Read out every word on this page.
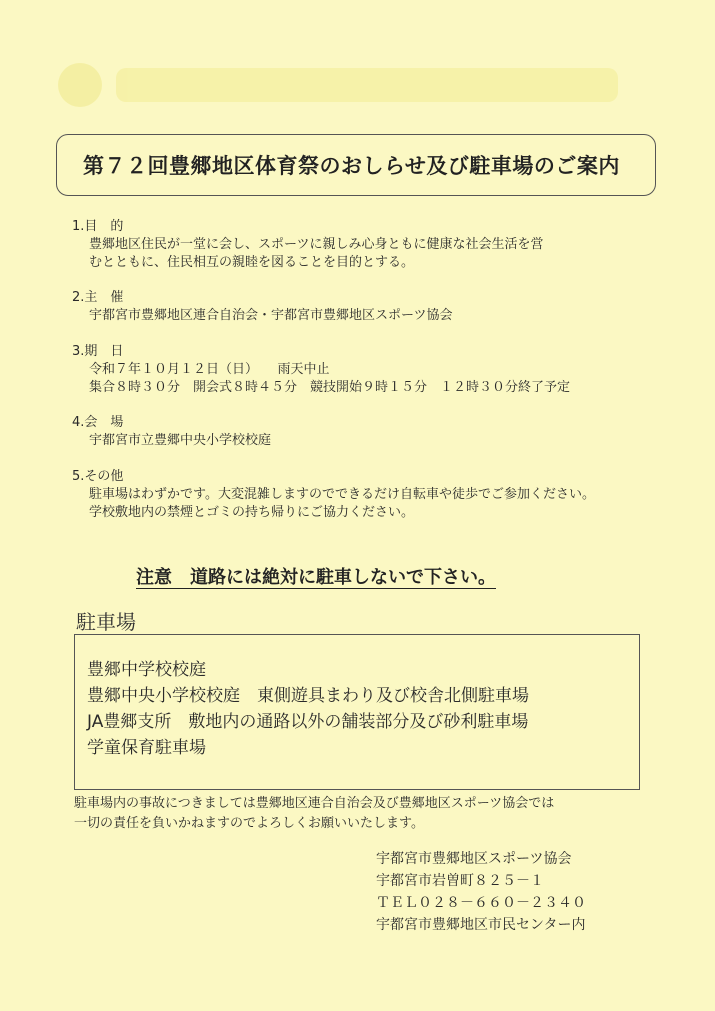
第７２回豊郷地区体育祭のおしらせ及び駐車場のご案内
1.目　的
豊郷地区住民が一堂に会し、スポーツに親しみ心身ともに健康な社会生活を営
むとともに、住民相互の親睦を図ることを目的とする。
2.主　催
宇都宮市豊郷地区連合自治会・宇都宮市豊郷地区スポーツ協会
3.期　日
令和７年１０月１２日（日）　　雨天中止
集合８時３０分　開会式８時４５分　競技開始９時１５分　１２時３０分終了予定
4.会　場
宇都宮市立豊郷中央小学校校庭
5.その他
駐車場はわずかです。大変混雑しますのでできるだけ自転車や徒歩でご参加ください。
学校敷地内の禁煙とゴミの持ち帰りにご協力ください。
注意　道路には絶対に駐車しないで下さい。
駐車場
豊郷中学校校庭
豊郷中央小学校校庭　東側遊具まわり及び校舎北側駐車場
JA豊郷支所　敷地内の通路以外の舗装部分及び砂利駐車場
学童保育駐車場
駐車場内の事故につきましては豊郷地区連合自治会及び豊郷地区スポーツ協会では
一切の責任を負いかねますのでよろしくお願いいたします。
宇都宮市豊郷地区スポーツ協会
宇都宮市岩曽町８２５－１
ＴＥＬ０２８－６６０－２３４０
宇都宮市豊郷地区市民センター内
